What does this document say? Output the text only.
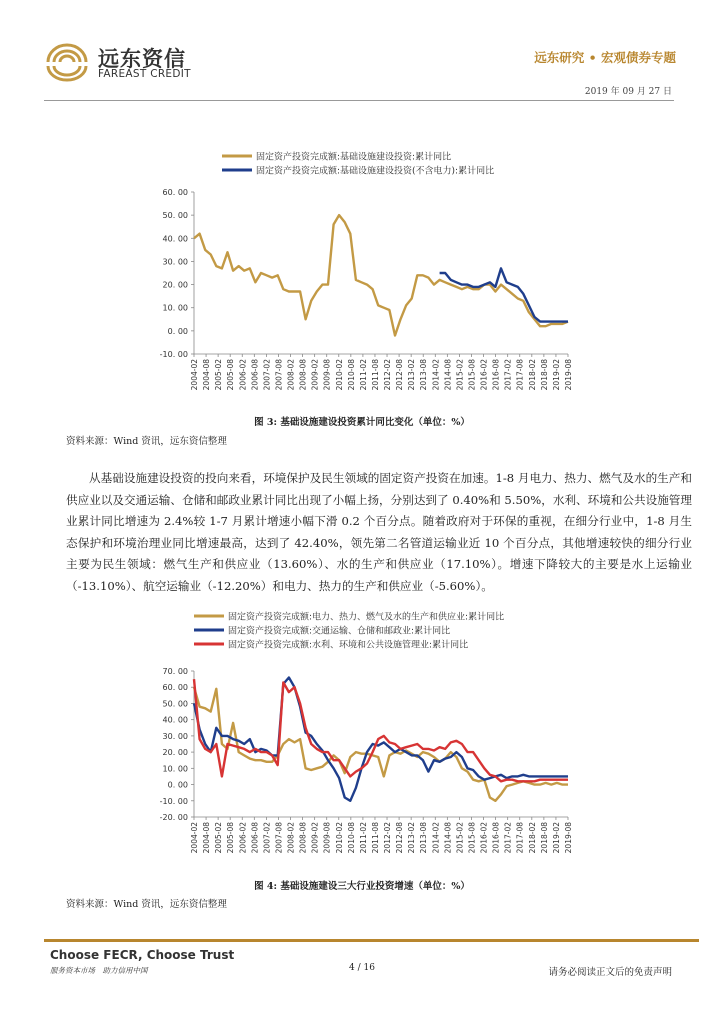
远东资信
FAREAST CREDIT
远东研究 • 宏观债券专题
2019 年 09 月 27 日
固定资产投资完成额:基础设施建设投资:累计同比
固定资产投资完成额:基础设施建设投资(不含电力):累计同比
60. 00
50. 00
40. 00
30. 00
20. 00
10. 00
0. 00
-10. 00
2004-02 2004-08 2005-02 2005-08 2006-02 2006-08 2007-02 2007-08 2008-02 2008-08 2009-02 2009-08 2010-02 2010-08 2011-02 2011-08 2012-02 2012-08 2013-02 2013-08 2014-02 2014-08 2015-02 2015-08 2016-02 2016-08 2017-02 2017-08 2018-02 2018-08 2019-02 2019-08
图 3: 基础设施建设投资累计同比变化（单位：%）
资料来源：Wind 资讯，远东资信整理
从基础设施建设投资的投向来看，环境保护及民生领域的固定资产投资在加速。1-8 月电力、热力、燃气及水的生产和供应业以及交通运输、仓储和邮政业累计同比出现了小幅上扬，分别达到了 0.40%和 5.50%，水利、环境和公共设施管理业累计同比增速为 2.4%较 1-7 月累计增速小幅下滑 0.2 个百分点。随着政府对于环保的重视，在细分行业中，1-8 月生态保护和环境治理业同比增速最高，达到了 42.40%，领先第二名管道运输业近 10 个百分点，其他增速较快的细分行业主要为民生领域：燃气生产和供应业（13.60%）、水的生产和供应业（17.10%）。增速下降较大的主要是水上运输业（-13.10%）、航空运输业（-12.20%）和电力、热力的生产和供应业（-5.60%）。
固定资产投资完成额:电力、热力、燃气及水的生产和供应业:累计同比
固定资产投资完成额:交通运输、仓储和邮政业:累计同比
固定资产投资完成额:水利、环境和公共设施管理业:累计同比
70. 00
60. 00
50. 00
40. 00
30. 00
20. 00
10. 00
0. 00
-10. 00
-20. 00
2004-02 2004-08 2005-02 2005-08 2006-02 2006-08 2007-02 2007-08 2008-02 2008-08 2009-02 2009-08 2010-02 2010-08 2011-02 2011-08 2012-02 2012-08 2013-02 2013-08 2014-02 2014-08 2015-02 2015-08 2016-02 2016-08 2017-02 2017-08 2018-02 2018-08 2019-02 2019-08
图 4: 基础设施建设三大行业投资增速（单位：%）
资料来源：Wind 资讯，远东资信整理
Choose FECR, Choose Trust
服务资本市场　助力信用中国	4 / 16	请务必阅读正文后的免责声明
